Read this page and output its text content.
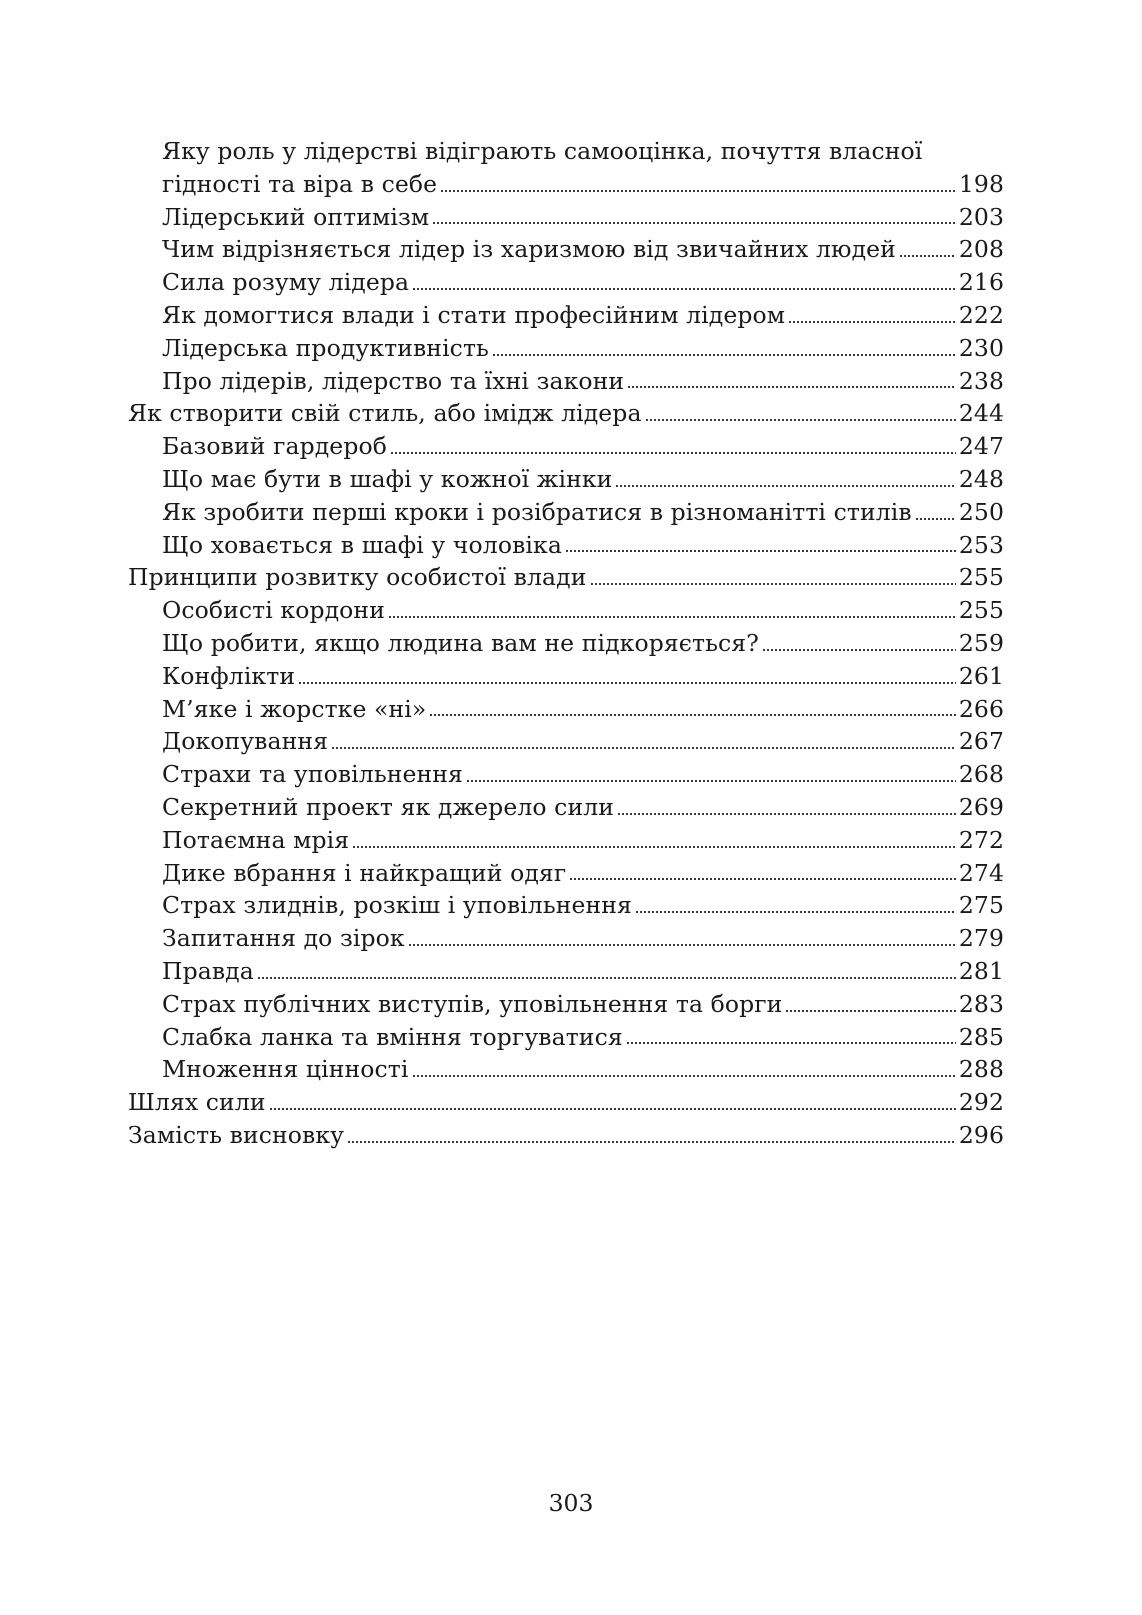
Яку роль у лідерстві відіграють самооцінка, почуття власної
гідності та віра в себе	198
Лідерський оптимізм	203
Чим відрізняється лідер із харизмою від звичайних людей	208
Сила розуму лідера	216
Як домогтися влади і стати професійним лідером	222
Лідерська продуктивність	230
Про лідерів, лідерство та їхні закони	238
Як створити свій стиль, або імідж лідера	244
Базовий гардероб	247
Що має бути в шафі у кожної жінки	248
Як зробити перші кроки і розібратися в різноманітті стилів 250
Що ховається в шафі у чоловіка	253
Принципи розвитку особистої влади	255
Особисті кордони	255
Що робити, якщо людина вам не підкоряється?	259
Конфлікти	261
М’яке і жорстке «ні»	266
Докопування	267
Страхи та уповільнення	268
Секретний проект як джерело сили	269
Потаємна мрія	272
Дике вбрання і найкращий одяг	274
Страх злиднів, розкіш і уповільнення	275
Запитання до зірок	279
Правда	281
Страх публічних виступів, уповільнення та борги	283
Слабка ланка та вміння торгуватися	285
Множення цінності	288
Шлях сили	292
Замість висновку	296
303
